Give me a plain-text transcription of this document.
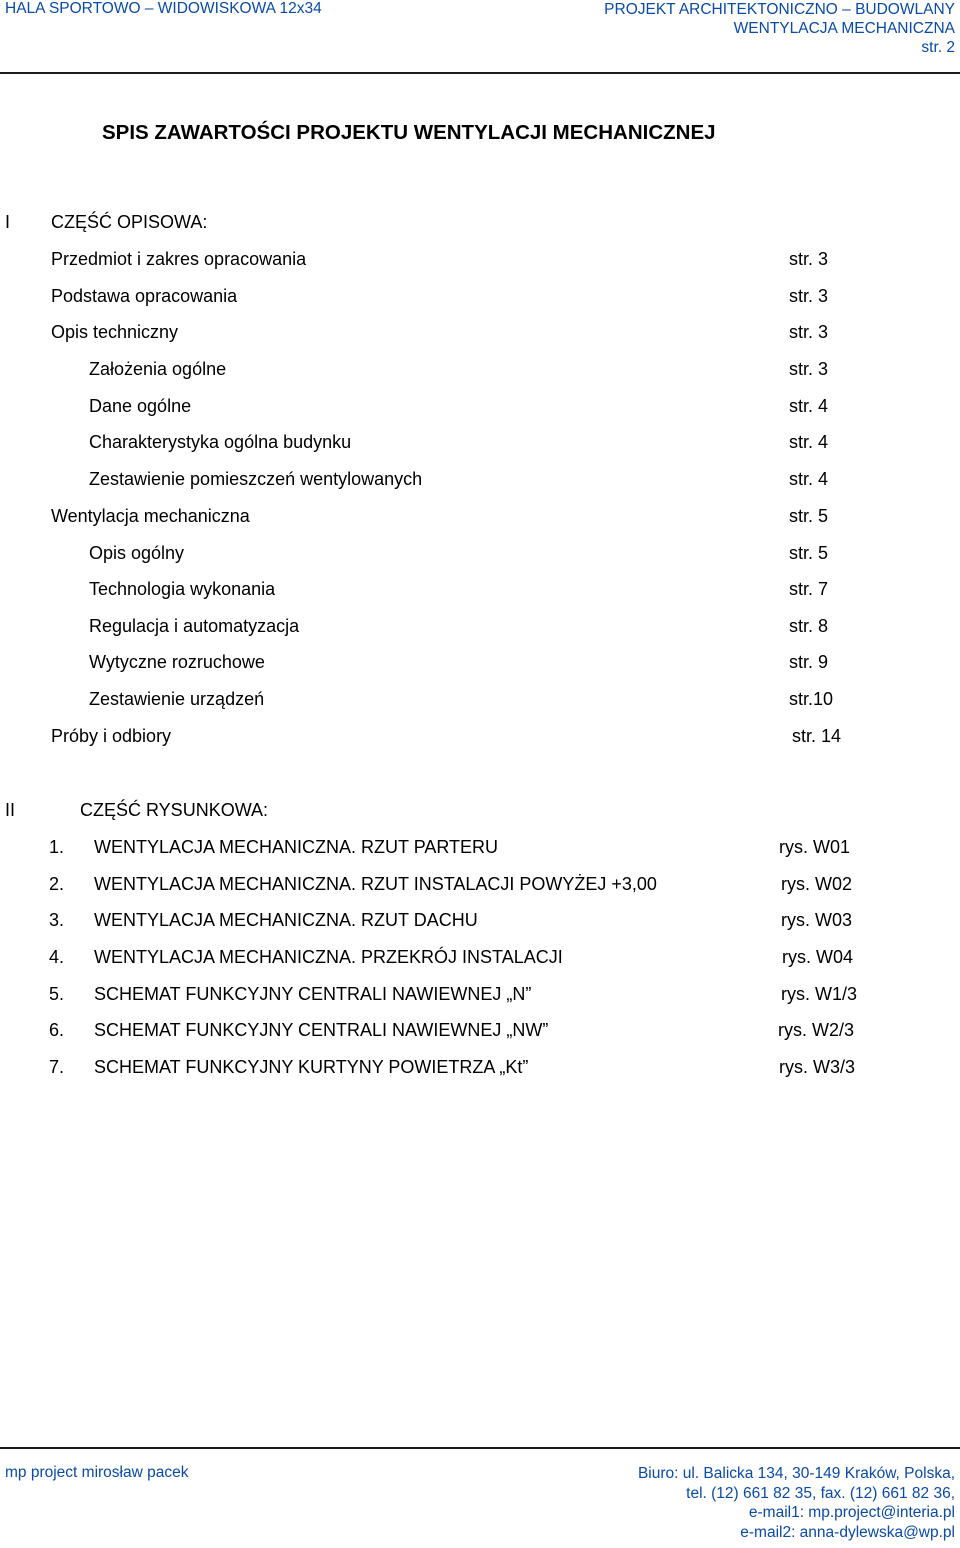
HALA SPORTOWO – WIDOWISKOWA 12x34	PROJEKT ARCHITEKTONICZNO – BUDOWLANY
WENTYLACJA MECHANICZNA
str. 2
SPIS ZAWARTOŚCI PROJEKTU WENTYLACJI MECHANICZNEJ
I CZĘŚĆ OPISOWA:
Przedmiot i zakres opracowania	str. 3
Podstawa opracowania	str. 3
Opis techniczny	str. 3
Założenia ogólne	str. 3
Dane ogólne	str. 4
Charakterystyka ogólna budynku	str. 4
Zestawienie pomieszczeń wentylowanych	str. 4
Wentylacja mechaniczna	str. 5
Opis ogólny	str. 5
Technologia wykonania	str. 7
Regulacja i automatyzacja	str. 8
Wytyczne rozruchowe	str. 9
Zestawienie urządzeń	str.10
Próby i odbiory	str. 14
II	CZĘŚĆ RYSUNKOWA:
1. WENTYLACJA MECHANICZNA. RZUT PARTERU	rys. W01
2. WENTYLACJA MECHANICZNA. RZUT INSTALACJI POWYŻEJ +3,00	rys. W02
3. WENTYLACJA MECHANICZNA. RZUT DACHU	rys. W03
4. WENTYLACJA MECHANICZNA. PRZEKRÓJ INSTALACJI	rys. W04
5. SCHEMAT FUNKCYJNY CENTRALI NAWIEWNEJ „N”	rys. W1/3
6. SCHEMAT FUNKCYJNY CENTRALI NAWIEWNEJ „NW”	rys. W2/3
7. SCHEMAT FUNKCYJNY KURTYNY POWIETRZA „Kt”	rys. W3/3
mp project mirosław pacek	Biuro: ul. Balicka 134, 30-149 Kraków, Polska,
tel. (12) 661 82 35, fax. (12) 661 82 36,
e-mail1: mp.project@interia.pl
e-mail2: anna-dylewska@wp.pl
